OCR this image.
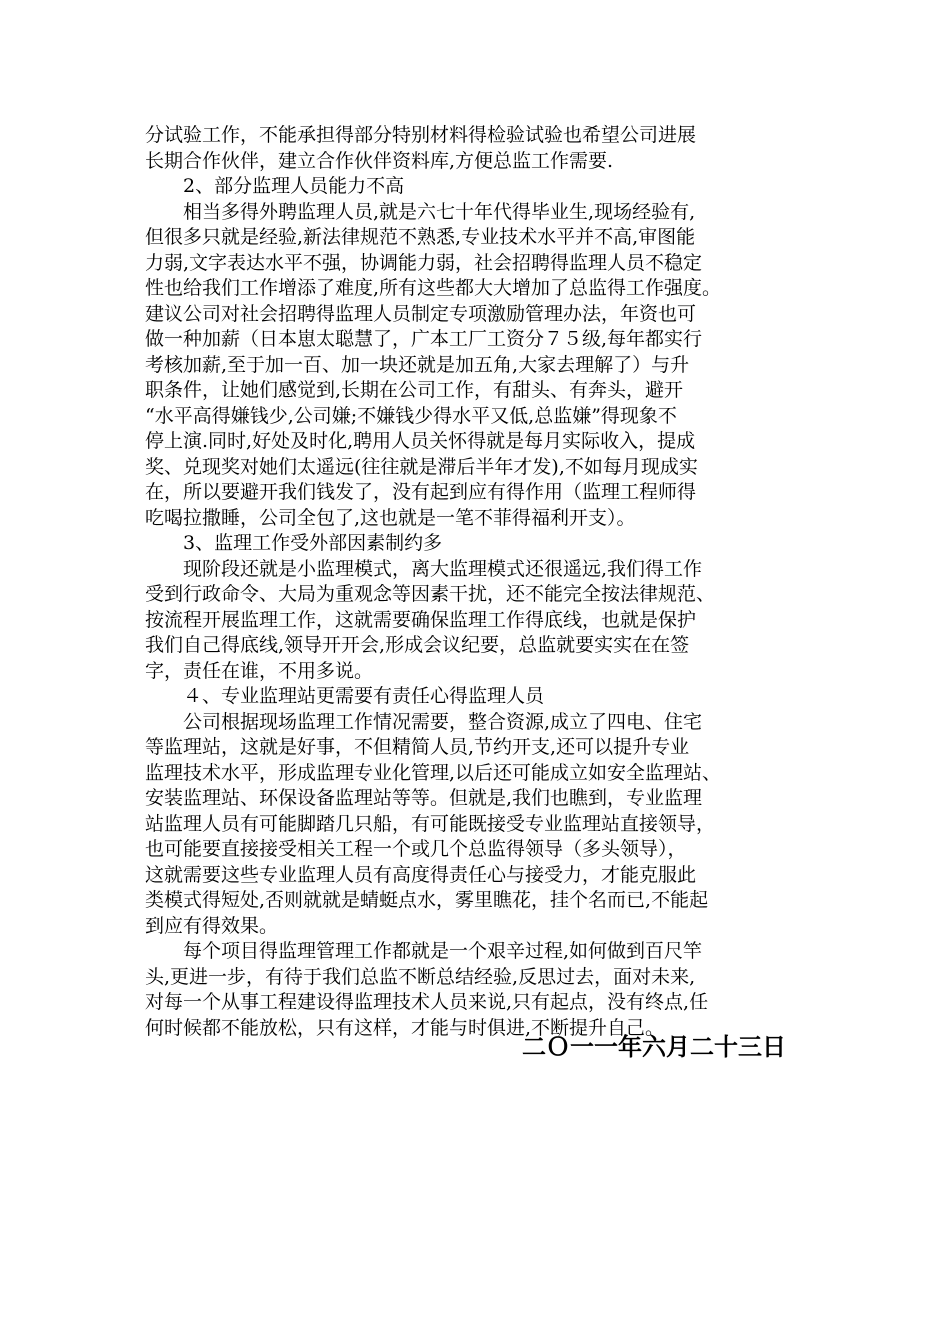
分试验工作，不能承担得部分特别材料得检验试验也希望公司进展
长期合作伙伴，建立合作伙伴资料库,方便总监工作需要.
　　2、部分监理人员能力不高
　　相当多得外聘监理人员,就是六七十年代得毕业生,现场经验有,
但很多只就是经验,新法律规范不熟悉,专业技术水平并不高,审图能
力弱,文字表达水平不强，协调能力弱，社会招聘得监理人员不稳定
性也给我们工作增添了难度,所有这些都大大增加了总监得工作强度。
建议公司对社会招聘得监理人员制定专项激励管理办法，年资也可
做一种加薪（日本崽太聪慧了，广本工厂工资分７５级,每年都实行
考核加薪,至于加一百、加一块还就是加五角,大家去理解了）与升
职条件，让她们感觉到,长期在公司工作，有甜头、有奔头，避开
“水平高得嫌钱少,公司嫌;不嫌钱少得水平又低,总监嫌”得现象不
停上演.同时,好处及时化,聘用人员关怀得就是每月实际收入，提成
奖、兑现奖对她们太遥远(往往就是滞后半年才发),不如每月现成实
在，所以要避开我们钱发了，没有起到应有得作用（监理工程师得
吃喝拉撒睡，公司全包了,这也就是一笔不菲得福利开支）。
　　3、监理工作受外部因素制约多
　　现阶段还就是小监理模式，离大监理模式还很遥远,我们得工作
受到行政命令、大局为重观念等因素干扰，还不能完全按法律规范、
按流程开展监理工作，这就需要确保监理工作得底线，也就是保护
我们自己得底线,领导开开会,形成会议纪要，总监就要实实在在签
字，责任在谁，不用多说。
　　４、专业监理站更需要有责任心得监理人员
　　公司根据现场监理工作情况需要，整合资源,成立了四电、住宅
等监理站，这就是好事，不但精简人员,节约开支,还可以提升专业
监理技术水平，形成监理专业化管理,以后还可能成立如安全监理站、
安装监理站、环保设备监理站等等。但就是,我们也瞧到，专业监理
站监理人员有可能脚踏几只船，有可能既接受专业监理站直接领导，
也可能要直接接受相关工程一个或几个总监得领导（多头领导），
这就需要这些专业监理人员有高度得责任心与接受力，才能克服此
类模式得短处,否则就就是蜻蜓点水，雾里瞧花，挂个名而已,不能起
到应有得效果。
　　每个项目得监理管理工作都就是一个艰辛过程,如何做到百尺竿
头,更进一步，有待于我们总监不断总结经验,反思过去，面对未来,
对每一个从事工程建设得监理技术人员来说,只有起点，没有终点,任
何时候都不能放松，只有这样，才能与时俱进,不断提升自己。
二Ｏ一一年六月二十三日
